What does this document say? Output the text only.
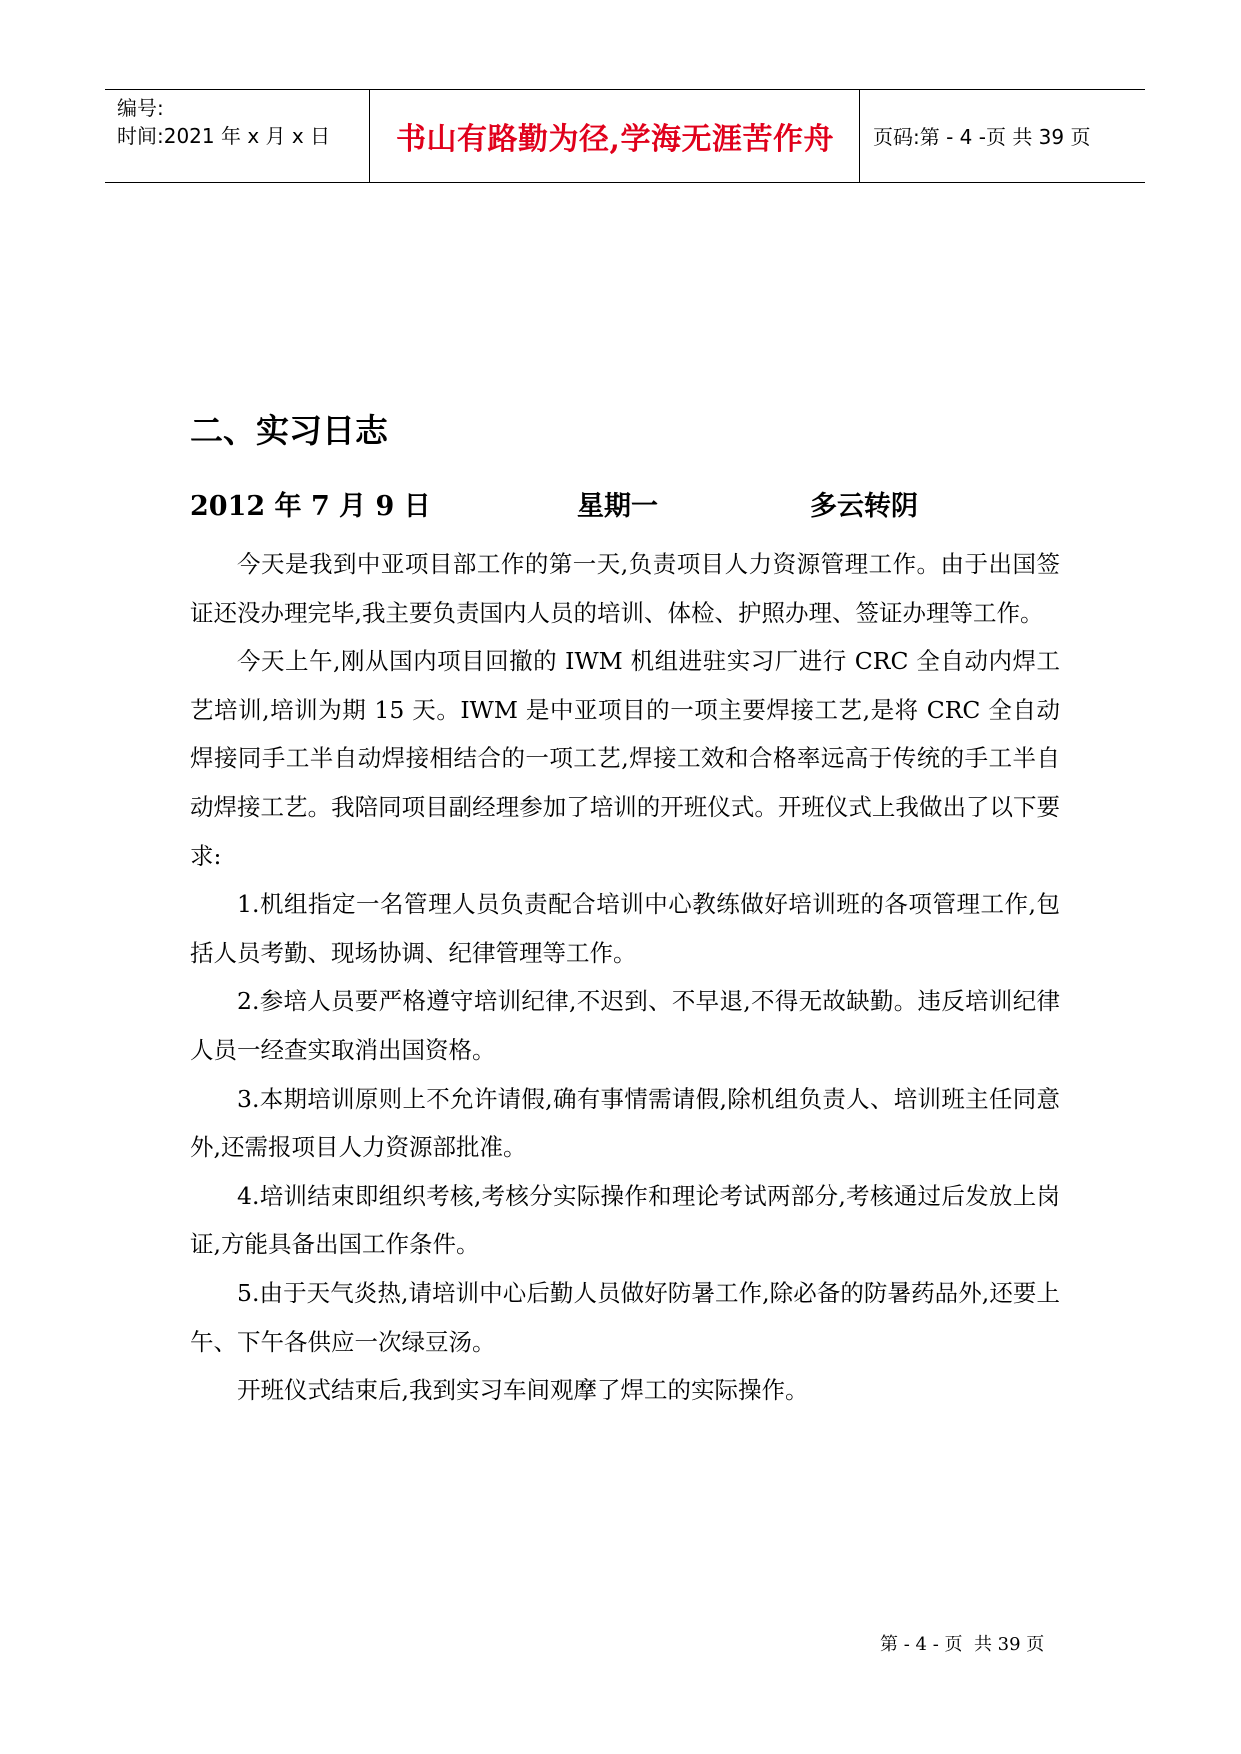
编号:
时间:2021 年 x 月 x 日	书山有路勤为径,学海无涯苦作舟	页码:第 - 4 -页 共 39 页
二、实习日志
2012 年 7 月 9 日	星期一	多云转阴

今天是我到中亚项目部工作的第一天,负责项目人力资源管理工作。由于出国签证还没办理完毕,我主要负责国内人员的培训、体检、护照办理、签证办理等工作。

今天上午,刚从国内项目回撤的 IWM 机组进驻实习厂进行 CRC 全自动内焊工艺培训,培训为期 15 天。IWM 是中亚项目的一项主要焊接工艺,是将 CRC 全自动焊接同手工半自动焊接相结合的一项工艺,焊接工效和合格率远高于传统的手工半自动焊接工艺。我陪同项目副经理参加了培训的开班仪式。开班仪式上我做出了以下要求:

1.机组指定一名管理人员负责配合培训中心教练做好培训班的各项管理工作,包括人员考勤、现场协调、纪律管理等工作。

2.参培人员要严格遵守培训纪律,不迟到、不早退,不得无故缺勤。违反培训纪律人员一经查实取消出国资格。

3.本期培训原则上不允许请假,确有事情需请假,除机组负责人、培训班主任同意外,还需报项目人力资源部批准。

4.培训结束即组织考核,考核分实际操作和理论考试两部分,考核通过后发放上岗证,方能具备出国工作条件。

5.由于天气炎热,请培训中心后勤人员做好防暑工作,除必备的防暑药品外,还要上午、下午各供应一次绿豆汤。

开班仪式结束后,我到实习车间观摩了焊工的实际操作。

第 - 4 - 页  共 39 页
